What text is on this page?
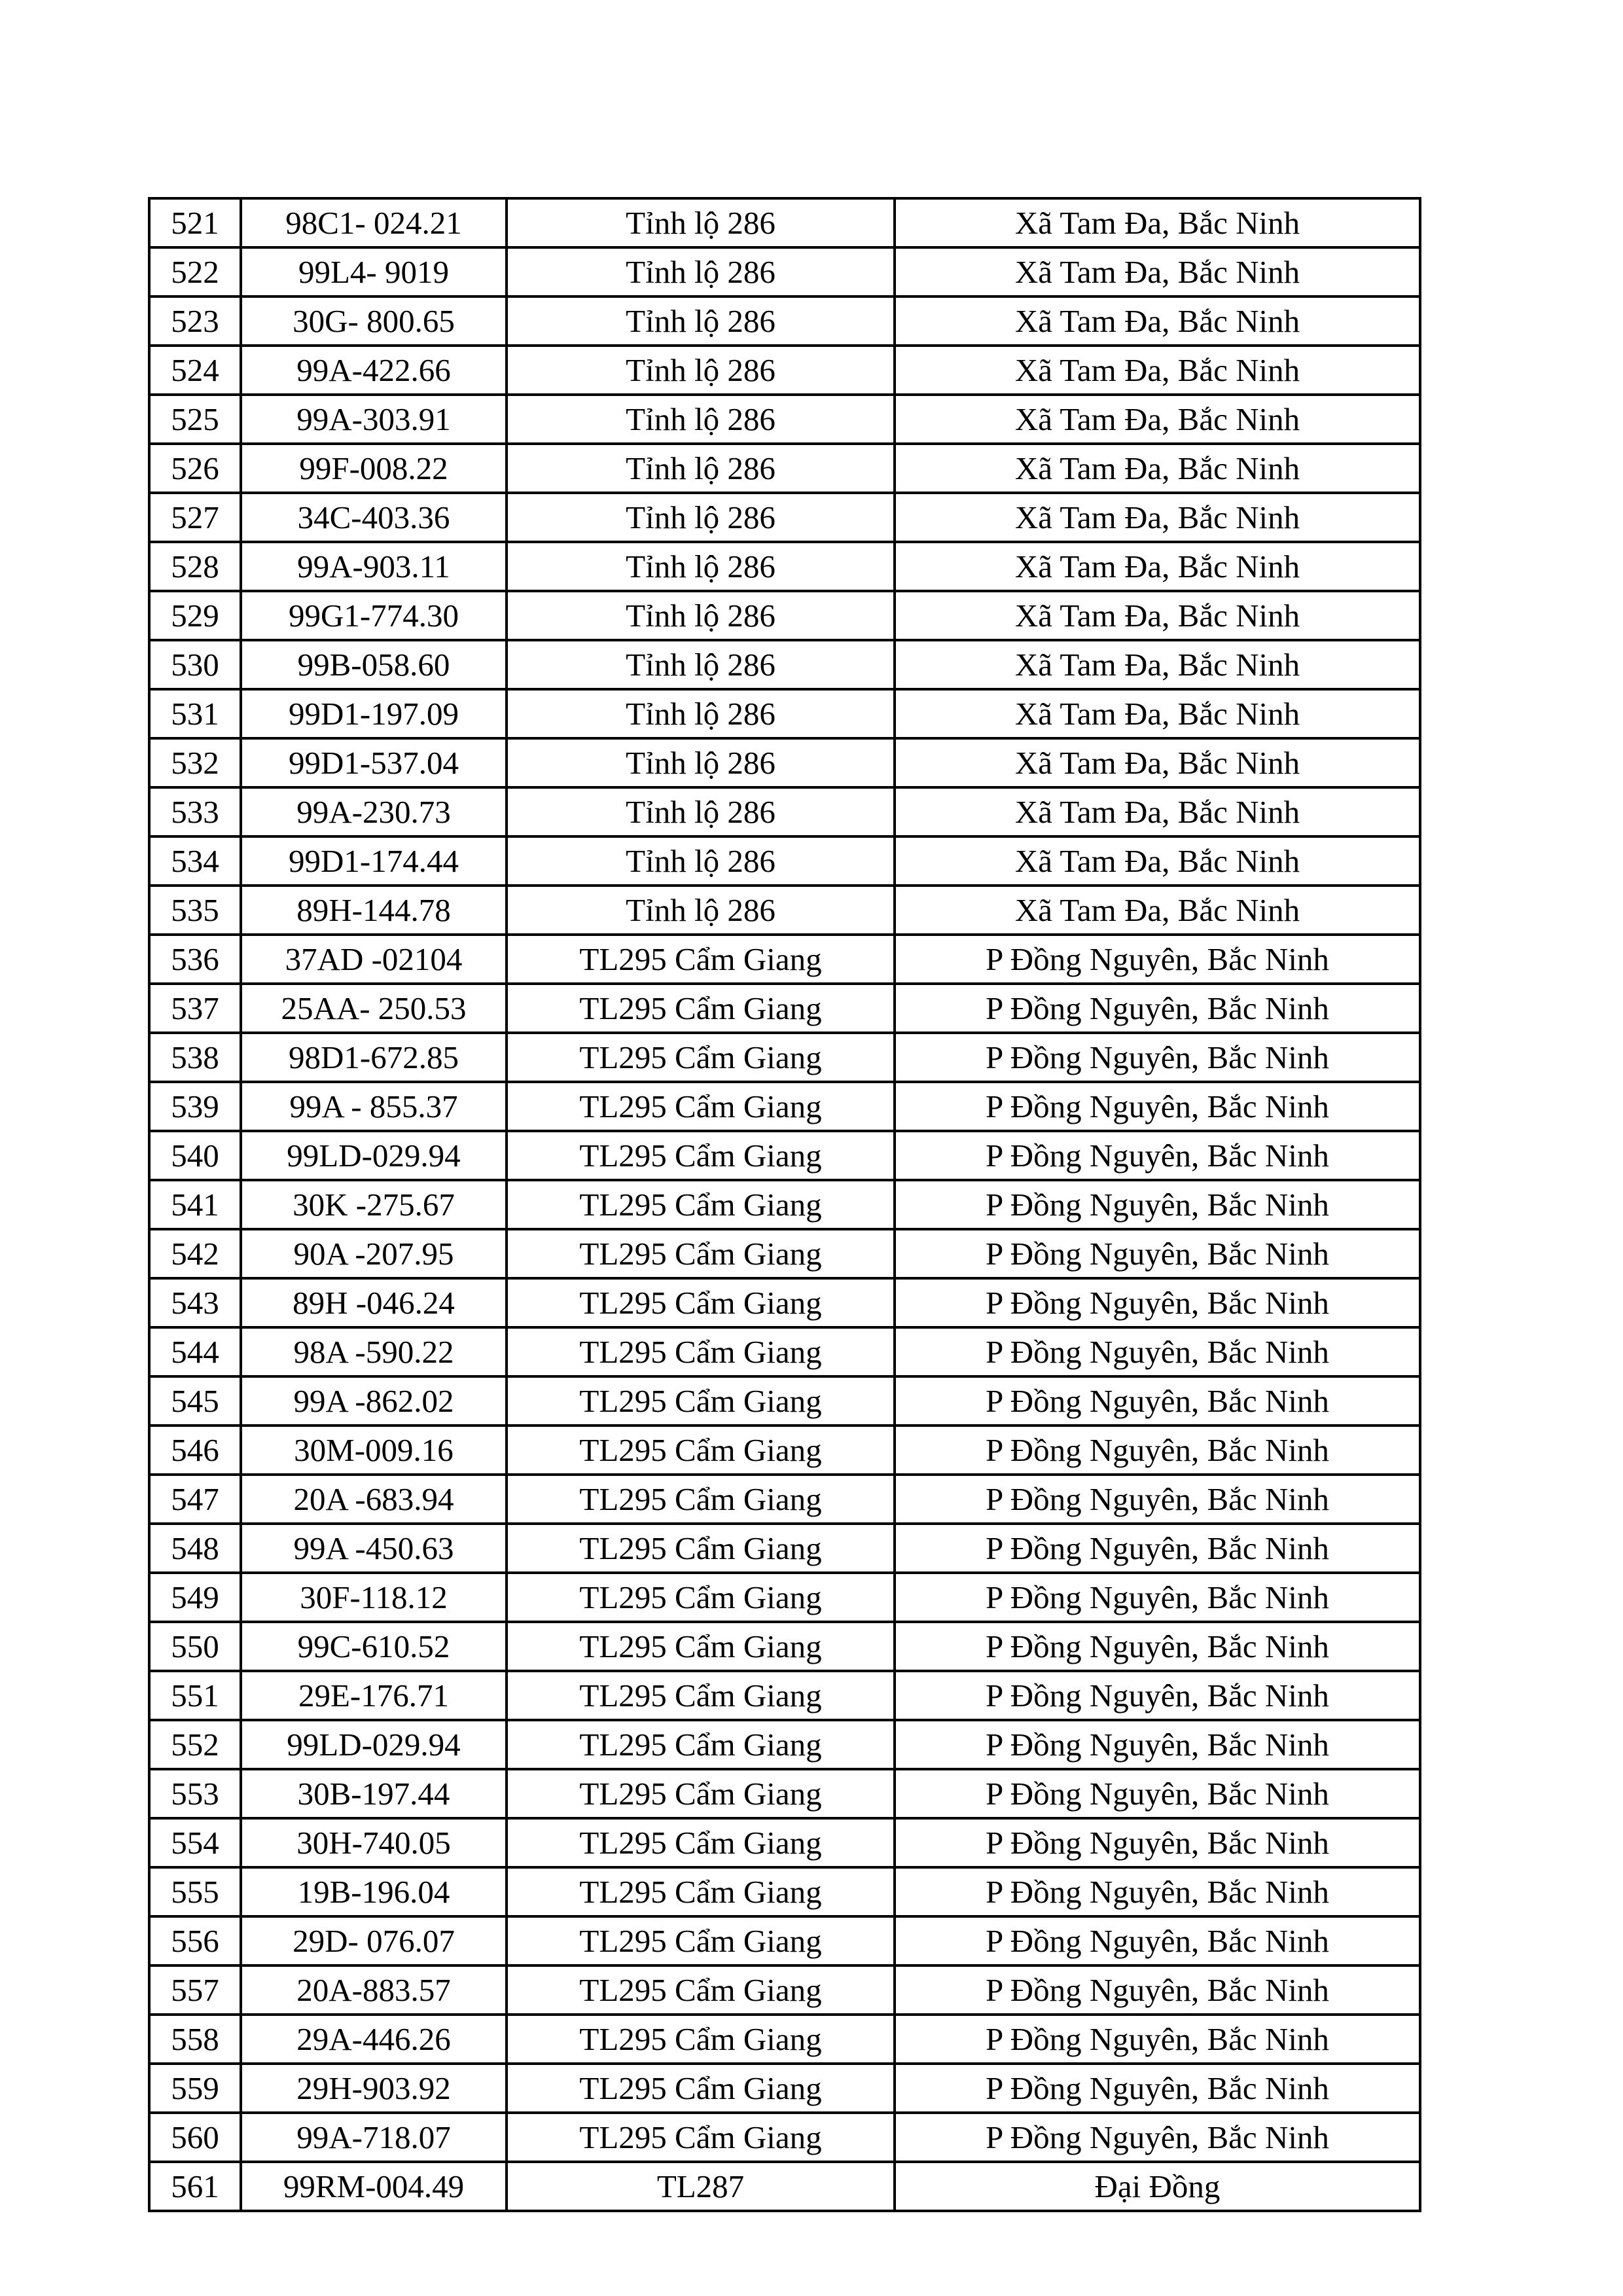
521	98C1- 024.21	Tỉnh lộ 286	Xã Tam Đa, Bắc Ninh
522	99L4- 9019	Tỉnh lộ 286	Xã Tam Đa, Bắc Ninh
523	30G- 800.65	Tỉnh lộ 286	Xã Tam Đa, Bắc Ninh
524	99A-422.66	Tỉnh lộ 286	Xã Tam Đa, Bắc Ninh
525	99A-303.91	Tỉnh lộ 286	Xã Tam Đa, Bắc Ninh
526	99F-008.22	Tỉnh lộ 286	Xã Tam Đa, Bắc Ninh
527	34C-403.36	Tỉnh lộ 286	Xã Tam Đa, Bắc Ninh
528	99A-903.11	Tỉnh lộ 286	Xã Tam Đa, Bắc Ninh
529	99G1-774.30	Tỉnh lộ 286	Xã Tam Đa, Bắc Ninh
530	99B-058.60	Tỉnh lộ 286	Xã Tam Đa, Bắc Ninh
531	99D1-197.09	Tỉnh lộ 286	Xã Tam Đa, Bắc Ninh
532	99D1-537.04	Tỉnh lộ 286	Xã Tam Đa, Bắc Ninh
533	99A-230.73	Tỉnh lộ 286	Xã Tam Đa, Bắc Ninh
534	99D1-174.44	Tỉnh lộ 286	Xã Tam Đa, Bắc Ninh
535	89H-144.78	Tỉnh lộ 286	Xã Tam Đa, Bắc Ninh
536	37AD -02104	TL295 Cẩm Giang	P Đồng Nguyên, Bắc Ninh
537	25AA- 250.53	TL295 Cẩm Giang	P Đồng Nguyên, Bắc Ninh
538	98D1-672.85	TL295 Cẩm Giang	P Đồng Nguyên, Bắc Ninh
539	99A - 855.37	TL295 Cẩm Giang	P Đồng Nguyên, Bắc Ninh
540	99LD-029.94	TL295 Cẩm Giang	P Đồng Nguyên, Bắc Ninh
541	30K -275.67	TL295 Cẩm Giang	P Đồng Nguyên, Bắc Ninh
542	90A -207.95	TL295 Cẩm Giang	P Đồng Nguyên, Bắc Ninh
543	89H -046.24	TL295 Cẩm Giang	P Đồng Nguyên, Bắc Ninh
544	98A -590.22	TL295 Cẩm Giang	P Đồng Nguyên, Bắc Ninh
545	99A -862.02	TL295 Cẩm Giang	P Đồng Nguyên, Bắc Ninh
546	30M-009.16	TL295 Cẩm Giang	P Đồng Nguyên, Bắc Ninh
547	20A -683.94	TL295 Cẩm Giang	P Đồng Nguyên, Bắc Ninh
548	99A -450.63	TL295 Cẩm Giang	P Đồng Nguyên, Bắc Ninh
549	30F-118.12	TL295 Cẩm Giang	P Đồng Nguyên, Bắc Ninh
550	99C-610.52	TL295 Cẩm Giang	P Đồng Nguyên, Bắc Ninh
551	29E-176.71	TL295 Cẩm Giang	P Đồng Nguyên, Bắc Ninh
552	99LD-029.94	TL295 Cẩm Giang	P Đồng Nguyên, Bắc Ninh
553	30B-197.44	TL295 Cẩm Giang	P Đồng Nguyên, Bắc Ninh
554	30H-740.05	TL295 Cẩm Giang	P Đồng Nguyên, Bắc Ninh
555	19B-196.04	TL295 Cẩm Giang	P Đồng Nguyên, Bắc Ninh
556	29D- 076.07	TL295 Cẩm Giang	P Đồng Nguyên, Bắc Ninh
557	20A-883.57	TL295 Cẩm Giang	P Đồng Nguyên, Bắc Ninh
558	29A-446.26	TL295 Cẩm Giang	P Đồng Nguyên, Bắc Ninh
559	29H-903.92	TL295 Cẩm Giang	P Đồng Nguyên, Bắc Ninh
560	99A-718.07	TL295 Cẩm Giang	P Đồng Nguyên, Bắc Ninh
561	99RM-004.49	TL287	Đại Đồng
